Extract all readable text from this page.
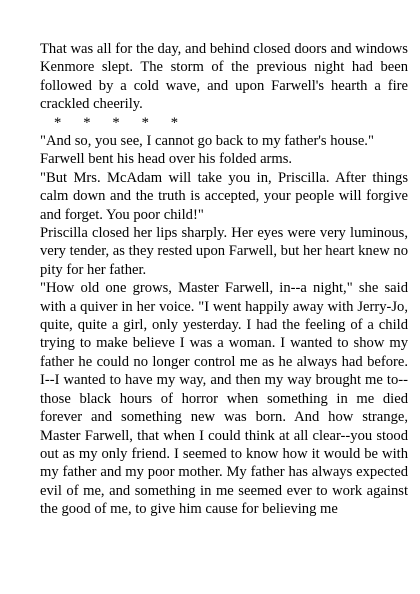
That was all for the day, and behind closed doors and windows Kenmore slept. The storm of the previous night had been followed by a cold wave, and upon Farwell's hearth a fire crackled cheerily.

*      *      *      *      *

"And so, you see, I cannot go back to my father's house."

Farwell bent his head over his folded arms.

"But Mrs. McAdam will take you in, Priscilla. After things calm down and the truth is accepted, your people will forgive and forget. You poor child!"

Priscilla closed her lips sharply. Her eyes were very luminous, very tender, as they rested upon Farwell, but her heart knew no pity for her father.

"How old one grows, Master Farwell, in--a night," she said with a quiver in her voice. "I went happily away with Jerry-Jo, quite, quite a girl, only yesterday. I had the feeling of a child trying to make believe I was a woman. I wanted to show my father he could no longer control me as he always had before. I--I wanted to have my way, and then my way brought me to--those black hours of horror when something in me died forever and something new was born. And how strange, Master Farwell, that when I could think at all clear--you stood out as my only friend. I seemed to know how it would be with my father and my poor mother. My father has always expected evil of me, and something in me seemed ever to work against the good of me, to give him cause for believing me
